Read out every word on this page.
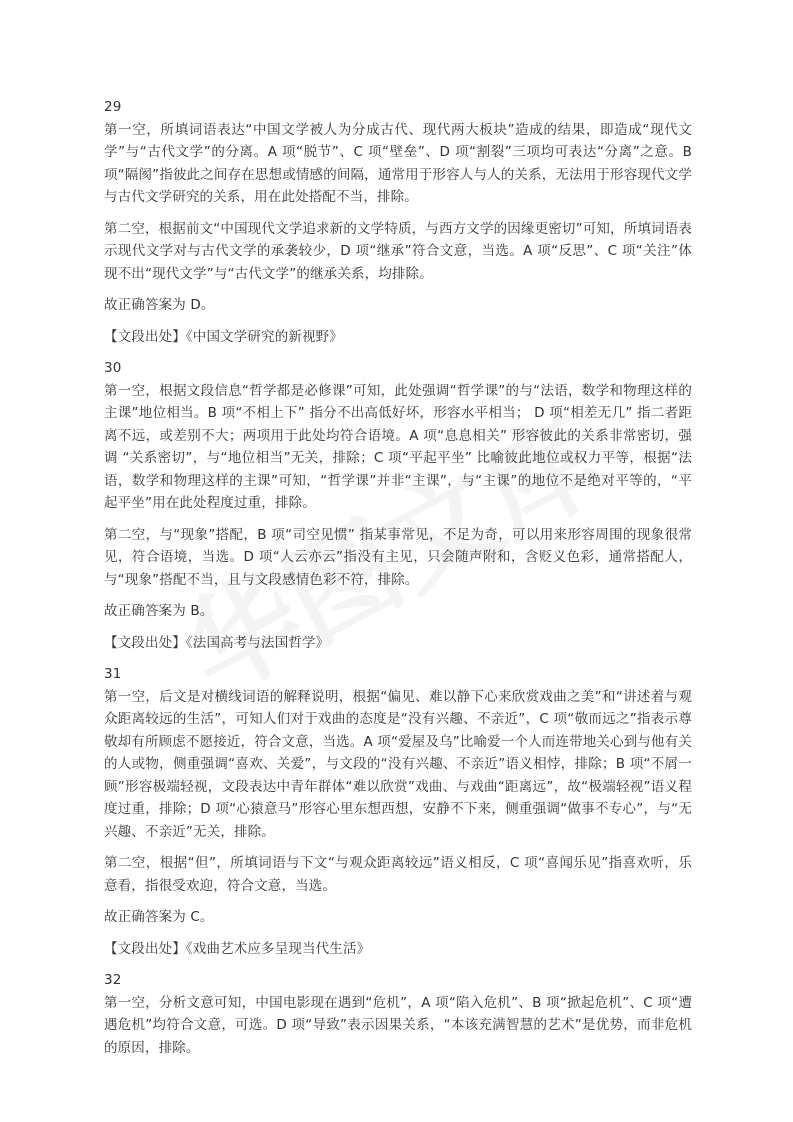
29

第一空，所填词语表达“中国文学被人为分成古代、现代两大板块”造成的结果，即造成“现代文学”与“古代文学”的分离。A 项“脱节”、C 项“壁垒”、D 项“割裂”三项均可表达“分离”之意。B 项“隔阂”指彼此之间存在思想或情感的间隔，通常用于形容人与人的关系，无法用于形容现代文学与古代文学研究的关系，用在此处搭配不当，排除。

第二空，根据前文“中国现代文学追求新的文学特质，与西方文学的因缘更密切”可知，所填词语表示现代文学对与古代文学的承袭较少，D 项“继承”符合文意，当选。A 项“反思”、C 项“关注”体现不出“现代文学”与“古代文学”的继承关系，均排除。

故正确答案为 D。

【文段出处】《中国文学研究的新视野》

30

第一空，根据文段信息“哲学都是必修课”可知，此处强调“哲学课”的与“法语，数学和物理这样的主课”地位相当。B 项“不相上下” 指分不出高低好坏，形容水平相当； D 项“相差无几” 指二者距离不远，或差别不大；两项用于此处均符合语境。A 项“息息相关” 形容彼此的关系非常密切，强调 “关系密切”，与“地位相当”无关，排除；C 项“平起平坐” 比喻彼此地位或权力平等，根据“法语，数学和物理这样的主课”可知，“哲学课”并非“主课”，与“主课”的地位不是绝对平等的，“平起平坐”用在此处程度过重，排除。

第二空，与“现象”搭配，B 项“司空见惯” 指某事常见，不足为奇，可以用来形容周围的现象很常见，符合语境，当选。D 项“人云亦云”指没有主见，只会随声附和，含贬义色彩，通常搭配人，与“现象”搭配不当，且与文段感情色彩不符，排除。

故正确答案为 B。

【文段出处】《法国高考与法国哲学》

31

第一空，后文是对横线词语的解释说明，根据“偏见、难以静下心来欣赏戏曲之美”和“讲述着与观众距离较远的生活”，可知人们对于戏曲的态度是“没有兴趣、不亲近”，C 项“敬而远之”指表示尊敬却有所顾虑不愿接近，符合文意，当选。A 项“爱屋及乌”比喻爱一个人而连带地关心到与他有关的人或物，侧重强调“喜欢、关爱”，与文段的“没有兴趣、不亲近”语义相悖，排除；B 项“不屑一顾”形容极端轻视，文段表达中青年群体“难以欣赏”戏曲、与戏曲“距离远”，故“极端轻视”语义程度过重，排除；D 项“心猿意马”形容心里东想西想，安静不下来，侧重强调“做事不专心”，与“无兴趣、不亲近”无关，排除。

第二空，根据“但”，所填词语与下文“与观众距离较远”语义相反，C 项“喜闻乐见”指喜欢听，乐意看，指很受欢迎，符合文意，当选。

故正确答案为 C。

【文段出处】《戏曲艺术应多呈现当代生活》

32

第一空，分析文意可知，中国电影现在遇到“危机”，A 项“陷入危机”、B 项“掀起危机”、C 项“遭遇危机”均符合文意，可选。D 项“导致”表示因果关系，“本该充满智慧的艺术”是优势，而非危机的原因，排除。
